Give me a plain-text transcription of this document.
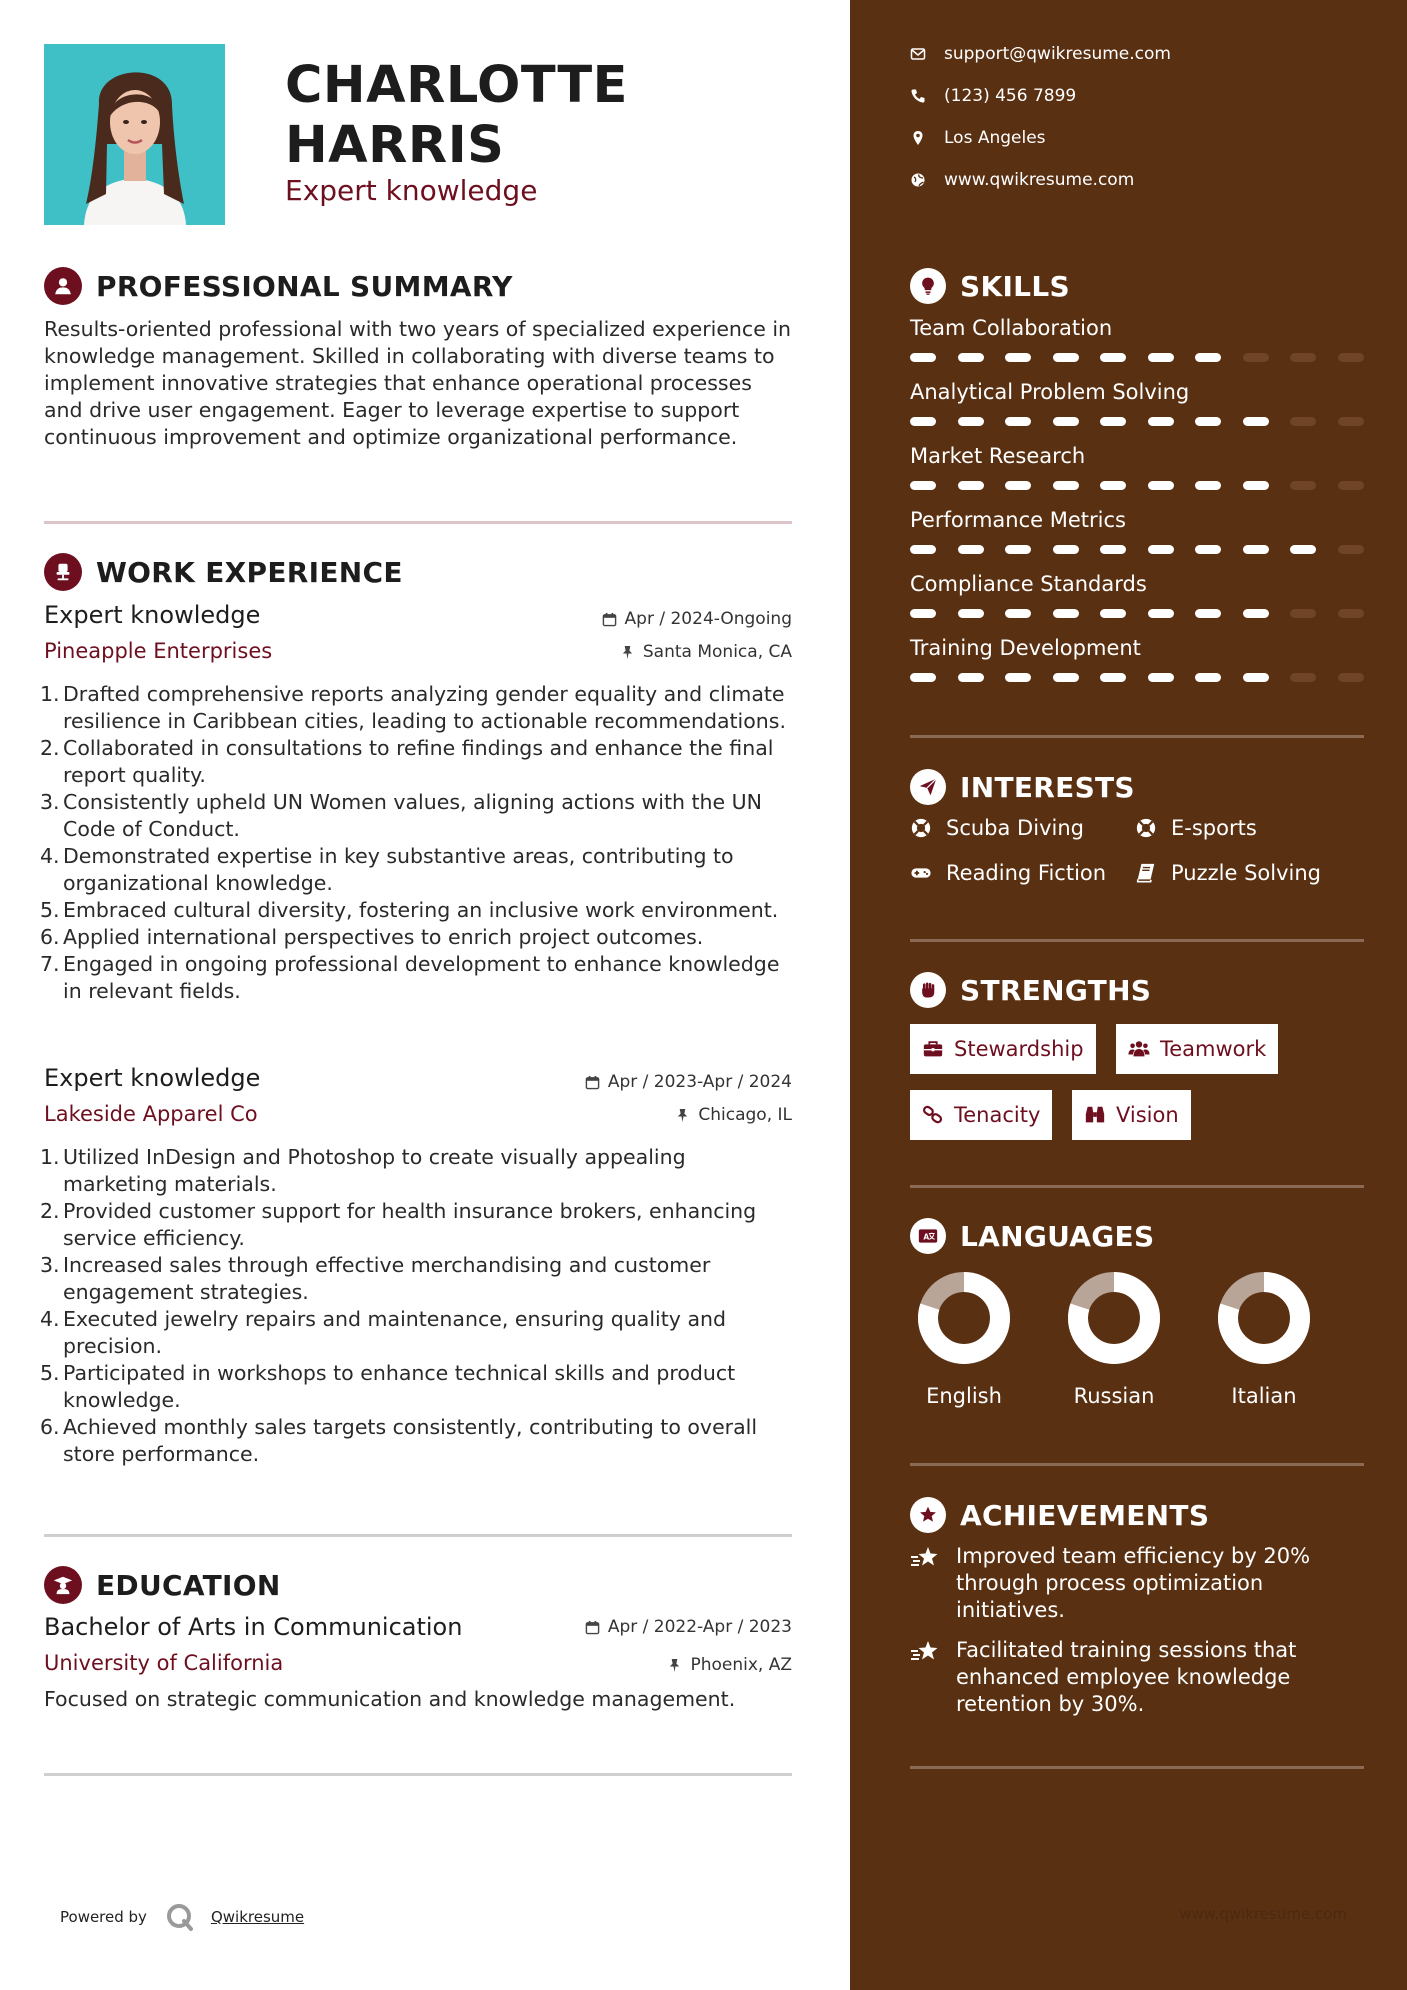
CHARLOTTE
HARRIS
Expert knowledge
PROFESSIONAL SUMMARY
Results-oriented professional with two years of specialized experience in knowledge management. Skilled in collaborating with diverse teams to implement innovative strategies that enhance operational processes and drive user engagement. Eager to leverage expertise to support continuous improvement and optimize organizational performance.
WORK EXPERIENCE
Expert knowledge	Apr / 2024-Ongoing
Pineapple Enterprises	Santa Monica, CA
1. Drafted comprehensive reports analyzing gender equality and climate resilience in Caribbean cities, leading to actionable recommendations.
2. Collaborated in consultations to refine findings and enhance the final report quality.
3. Consistently upheld UN Women values, aligning actions with the UN Code of Conduct.
4. Demonstrated expertise in key substantive areas, contributing to organizational knowledge.
5. Embraced cultural diversity, fostering an inclusive work environment.
6. Applied international perspectives to enrich project outcomes.
7. Engaged in ongoing professional development to enhance knowledge in relevant fields.
Expert knowledge	Apr / 2023-Apr / 2024
Lakeside Apparel Co	Chicago, IL
1. Utilized InDesign and Photoshop to create visually appealing marketing materials.
2. Provided customer support for health insurance brokers, enhancing service efficiency.
3. Increased sales through effective merchandising and customer engagement strategies.
4. Executed jewelry repairs and maintenance, ensuring quality and precision.
5. Participated in workshops to enhance technical skills and product knowledge.
6. Achieved monthly sales targets consistently, contributing to overall store performance.
EDUCATION
Bachelor of Arts in Communication	Apr / 2022-Apr / 2023
University of California	Phoenix, AZ
Focused on strategic communication and knowledge management.
Powered by	Qwikresume
support@qwikresume.com
(123) 456 7899
Los Angeles
www.qwikresume.com
SKILLS
Team Collaboration
Analytical Problem Solving
Market Research
Performance Metrics
Compliance Standards
Training Development
INTERESTS
Scuba Diving	E-sports
Reading Fiction	Puzzle Solving
STRENGTHS
Stewardship	Teamwork
Tenacity	Vision
A LANGUAGES
English	Russian	Italian
ACHIEVEMENTS
Improved team efficiency by 20% through process optimization initiatives.
Facilitated training sessions that enhanced employee knowledge retention by 30%.
www.qwikresume.com
